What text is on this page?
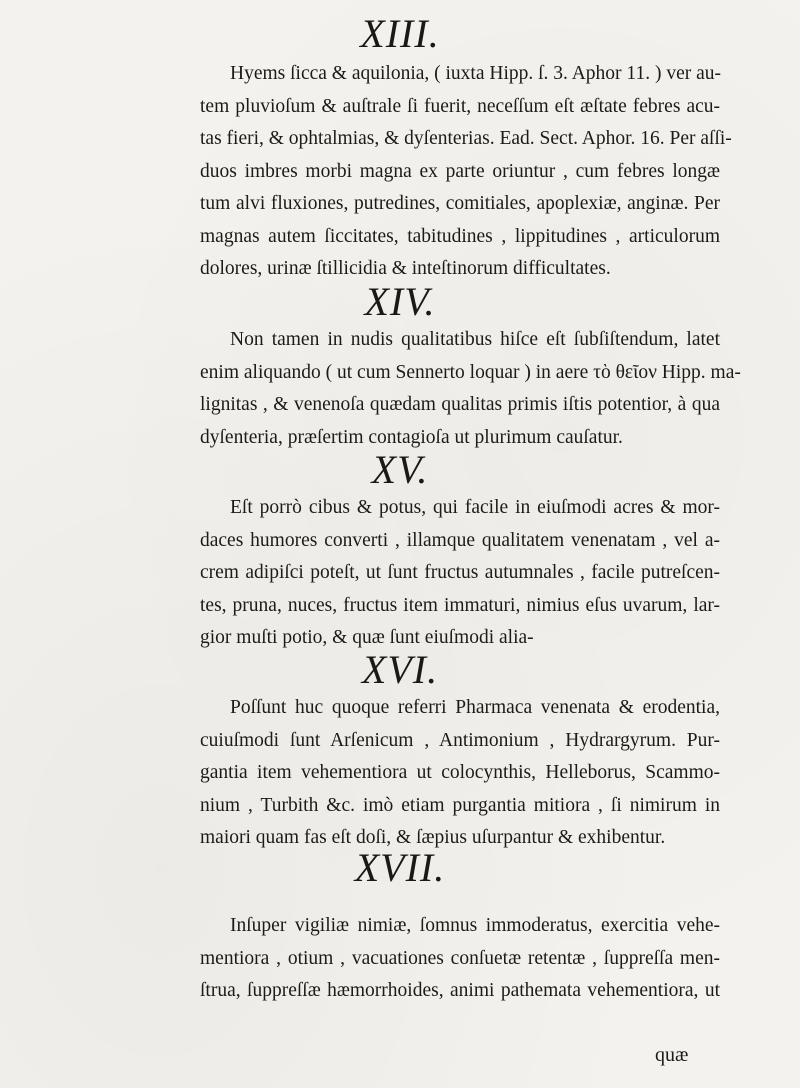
XIII.
Hyems ſicca & aquilonia, ( iuxta Hipp. ſ. 3. Aphor 11. ) ver au-
tem pluvioſum & auſtrale ſi fuerit, neceſſum eſt æſtate febres acu-
tas fieri, & ophtalmias, & dyſenterias. Ead. Sect. Aphor. 16. Per aſſi-
duos imbres morbi magna ex parte oriuntur , cum febres longæ
tum alvi fluxiones, putredines, comitiales, apoplexiæ, anginæ. Per
magnas autem ſiccitates, tabitudines , lippitudines , articulorum
dolores, urinæ ſtillicidia & inteſtinorum difficultates.
XIV.
Non tamen in nudis qualitatibus hiſce eſt ſubſiſtendum, latet
enim aliquando ( ut cum Sennerto loquar ) in aere τὸ θεῖον Hipp. ma-
lignitas , & venenoſa quædam qualitas primis iſtis potentior, à qua
dyſenteria, præſertim contagioſa ut plurimum cauſatur.
XV.
Eſt porrò cibus & potus, qui facile in eiuſmodi acres & mor-
daces humores converti , illamque qualitatem venenatam , vel a-
crem adipiſci poteſt, ut ſunt fructus autumnales , facile putreſcen-
tes, pruna, nuces, fructus item immaturi, nimius eſus uvarum, lar-
gior muſti potio, & quæ ſunt eiuſmodi alia-
XVI.
Poſſunt huc quoque referri Pharmaca venenata & erodentia,
cuiuſmodi ſunt Arſenicum , Antimonium , Hydrargyrum. Pur-
gantia item vehementiora ut colocynthis, Helleborus, Scammo-
nium , Turbith &c. imò etiam purgantia mitiora , ſi nimirum in
maiori quam fas eſt doſi, & ſæpius uſurpantur & exhibentur.
XVII.
Inſuper vigiliæ nimiæ, ſomnus immoderatus, exercitia vehe-
mentiora , otium , vacuationes conſuetæ retentæ , ſuppreſſa men-
ſtrua, ſuppreſſæ hæmorrhoides, animi pathemata vehementiora, ut
quæ
